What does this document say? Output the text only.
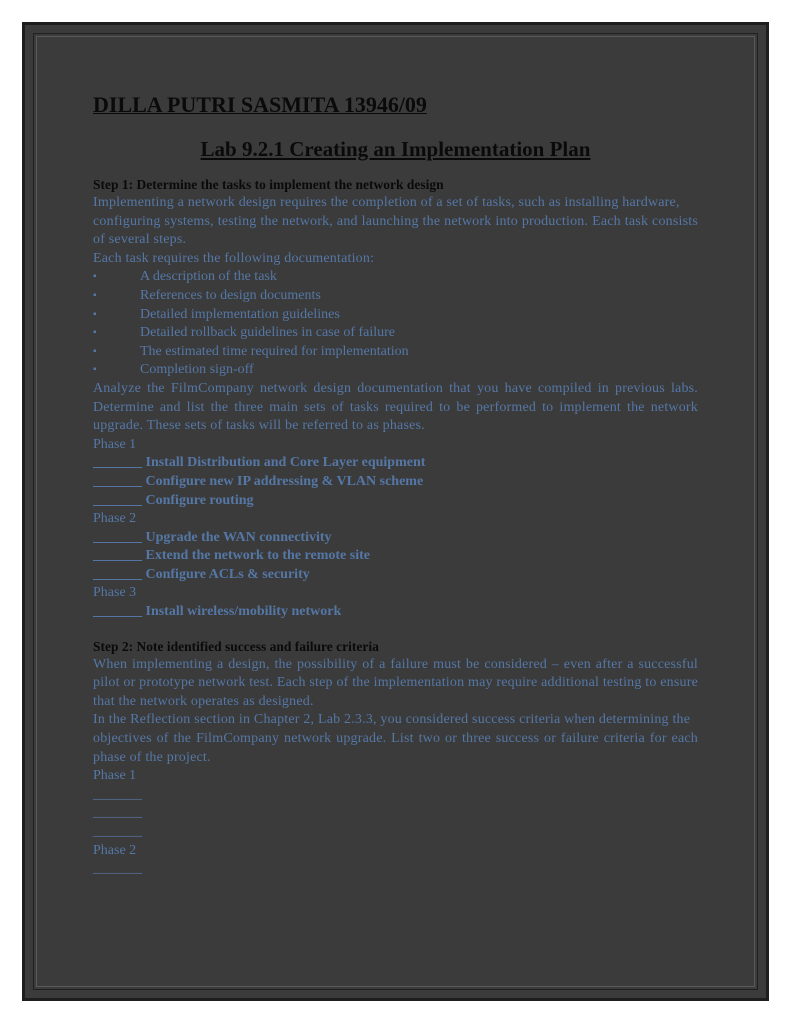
DILLA PUTRI SASMITA 13946/09
Lab 9.2.1 Creating an Implementation Plan

Step 1: Determine the tasks to implement the network design

Implementing a network design requires the completion of a set of tasks, such as installing hardware,

configuring systems, testing the network, and launching the network into production. Each task consists of several steps.

Each task requires the following documentation:

▪	A description of the task
▪	References to design documents
▪	Detailed implementation guidelines
▪	Detailed rollback guidelines in case of failure
▪	The estimated time required for implementation
▪	Completion sign-off

Analyze the FilmCompany network design documentation that you have compiled in previous labs. Determine and list the three main sets of tasks required to be performed to implement the network upgrade. These sets of tasks will be referred to as phases.

Phase 1

_______ Install Distribution and Core Layer equipment

_______ Configure new IP addressing & VLAN scheme

_______ Configure routing

Phase 2

_______ Upgrade the WAN connectivity

_______ Extend the network to the remote site

_______ Configure ACLs & security

Phase 3

_______ Install wireless/mobility network

Step 2: Note identified success and failure criteria

When implementing a design, the possibility of a failure must be considered – even after a successful pilot or prototype network test. Each step of the implementation may require additional testing to ensure that the network operates as designed.

In the Reflection section in Chapter 2, Lab 2.3.3, you considered success criteria when determining the

objectives of the FilmCompany network upgrade. List two or three success or failure criteria for each phase of the project.

Phase 1

_______

_______

_______

Phase 2

_______
